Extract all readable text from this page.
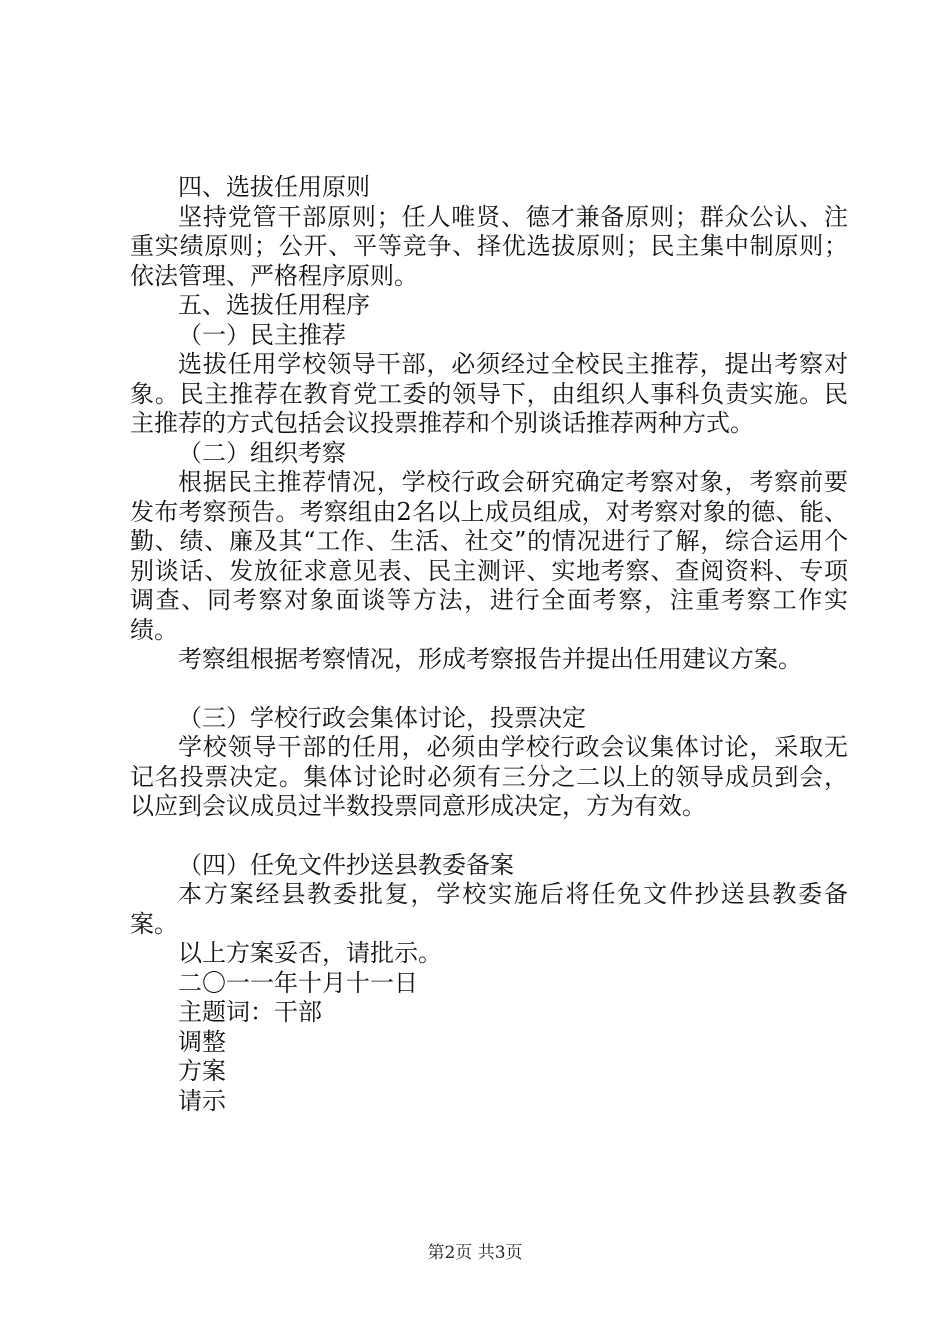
四、选拔任用原则

坚持党管干部原则；任人唯贤、德才兼备原则；群众公认、注重实绩原则；公开、平等竞争、择优选拔原则；民主集中制原则；依法管理、严格程序原则。

五、选拔任用程序

（一）民主推荐

选拔任用学校领导干部，必须经过全校民主推荐，提出考察对象。民主推荐在教育党工委的领导下，由组织人事科负责实施。民主推荐的方式包括会议投票推荐和个别谈话推荐两种方式。

（二）组织考察

根据民主推荐情况，学校行政会研究确定考察对象，考察前要发布考察预告。考察组由2名以上成员组成，对考察对象的德、能、勤、绩、廉及其“工作、生活、社交”的情况进行了解，综合运用个别谈话、发放征求意见表、民主测评、实地考察、查阅资料、专项调查、同考察对象面谈等方法，进行全面考察，注重考察工作实绩。

考察组根据考察情况，形成考察报告并提出任用建议方案。

（三）学校行政会集体讨论，投票决定

学校领导干部的任用，必须由学校行政会议集体讨论，采取无记名投票决定。集体讨论时必须有三分之二以上的领导成员到会，以应到会议成员过半数投票同意形成决定，方为有效。

（四）任免文件抄送县教委备案

本方案经县教委批复，学校实施后将任免文件抄送县教委备案。

以上方案妥否，请批示。

二〇一一年十月十一日

主题词：干部

调整

方案

请示

第2页 共3页
